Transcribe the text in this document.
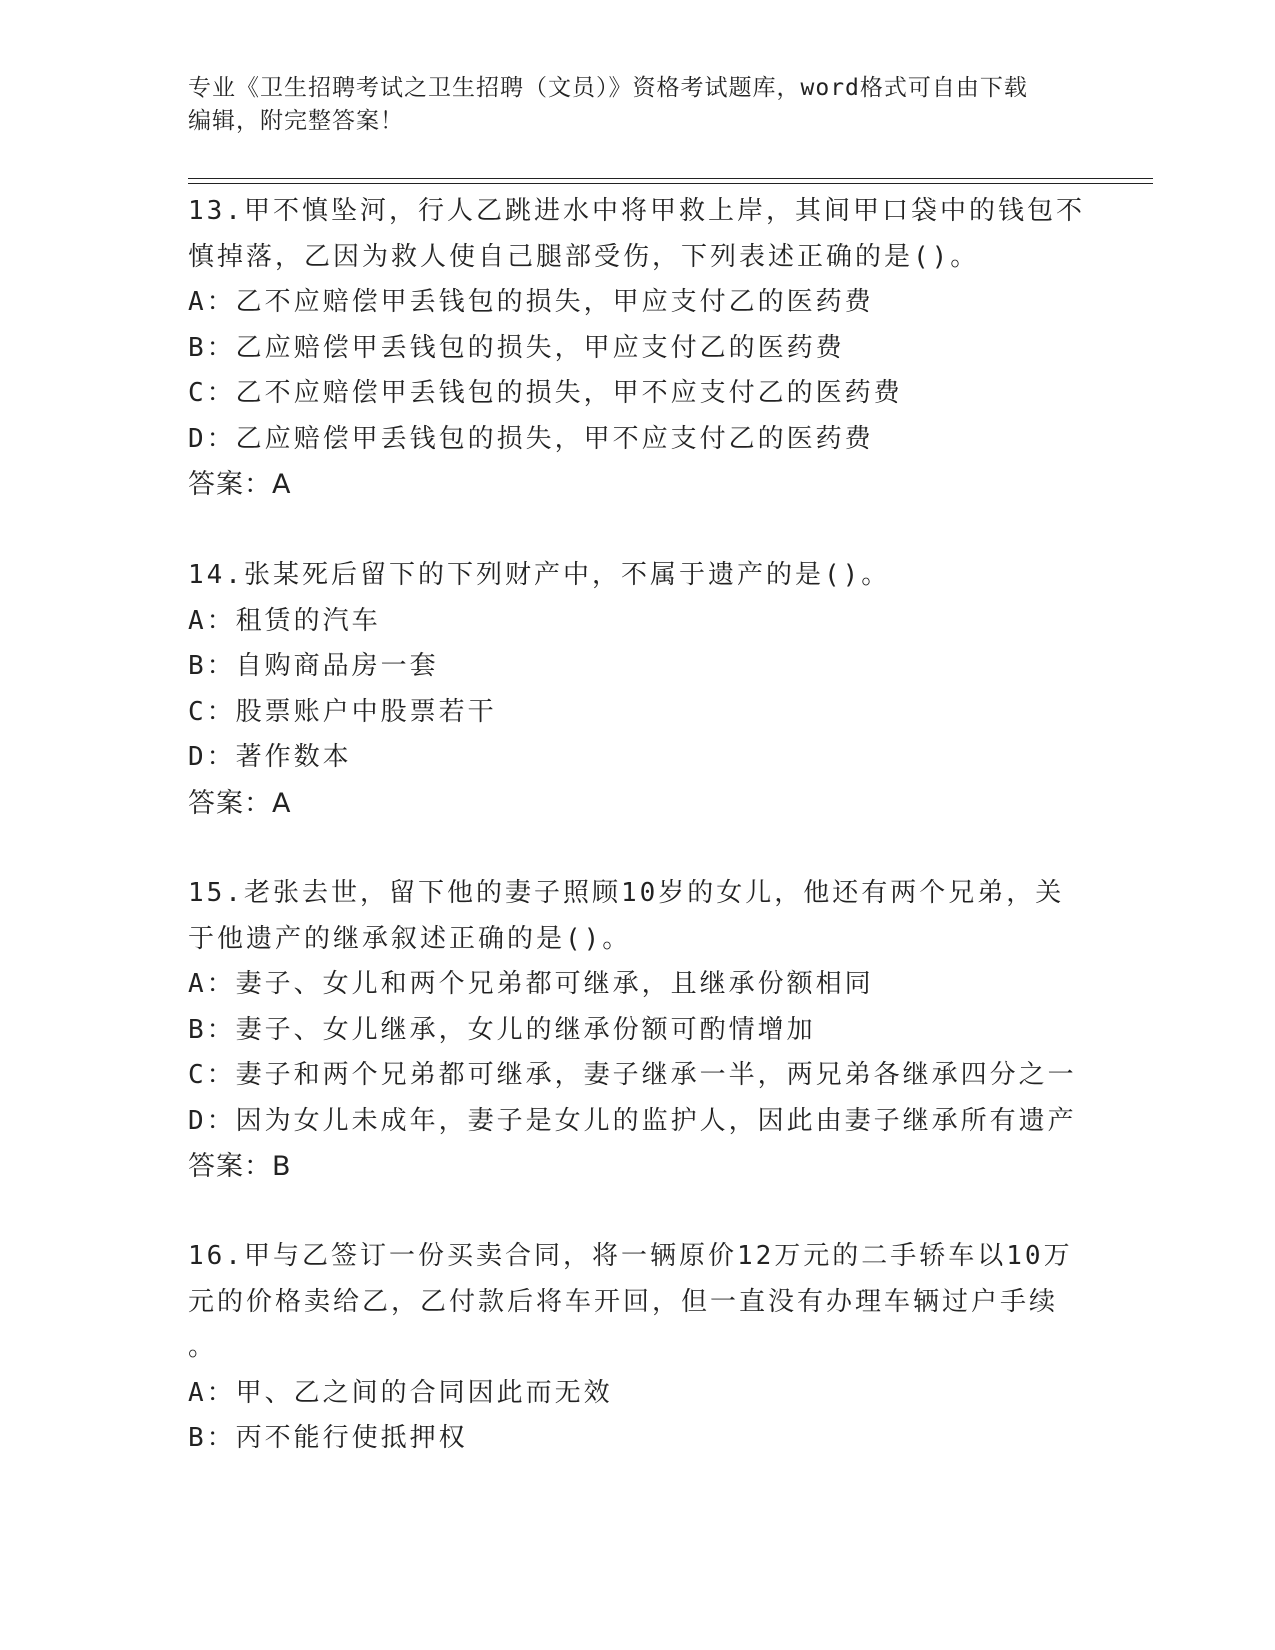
专业《卫生招聘考试之卫生招聘（文员）》资格考试题库，word格式可自由下载
编辑，附完整答案！
13.甲不慎坠河，行人乙跳进水中将甲救上岸，其间甲口袋中的钱包不
慎掉落，乙因为救人使自己腿部受伤，下列表述正确的是()。
A：乙不应赔偿甲丢钱包的损失，甲应支付乙的医药费
B：乙应赔偿甲丢钱包的损失，甲应支付乙的医药费
C：乙不应赔偿甲丢钱包的损失，甲不应支付乙的医药费
D：乙应赔偿甲丢钱包的损失，甲不应支付乙的医药费
答案：A
14.张某死后留下的下列财产中，不属于遗产的是()。
A：租赁的汽车
B：自购商品房一套
C：股票账户中股票若干
D：著作数本
答案：A
15.老张去世，留下他的妻子照顾10岁的女儿，他还有两个兄弟，关
于他遗产的继承叙述正确的是()。
A：妻子、女儿和两个兄弟都可继承，且继承份额相同
B：妻子、女儿继承，女儿的继承份额可酌情增加
C：妻子和两个兄弟都可继承，妻子继承一半，两兄弟各继承四分之一
D：因为女儿未成年，妻子是女儿的监护人，因此由妻子继承所有遗产
答案：B
16.甲与乙签订一份买卖合同，将一辆原价12万元的二手轿车以10万
元的价格卖给乙，乙付款后将车开回，但一直没有办理车辆过户手续
。
A：甲、乙之间的合同因此而无效
B：丙不能行使抵押权
